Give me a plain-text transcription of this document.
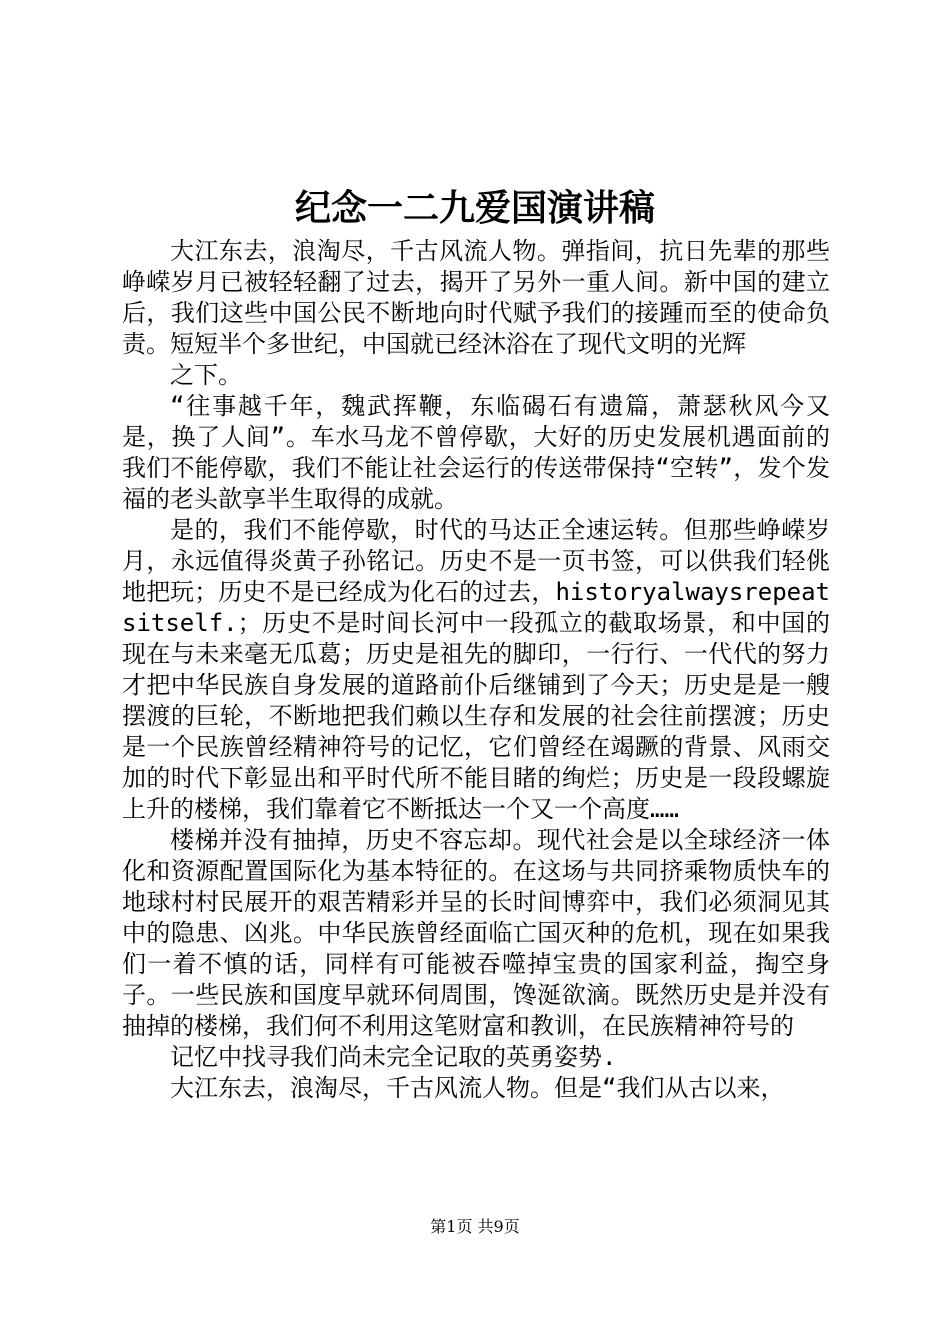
纪念一二九爱国演讲稿

大江东去，浪淘尽，千古风流人物。弹指间，抗日先辈的那些峥嵘岁月已被轻轻翻了过去，揭开了另外一重人间。新中国的建立后，我们这些中国公民不断地向时代赋予我们的接踵而至的使命负责。短短半个多世纪，中国就已经沐浴在了现代文明的光辉

之下。

“往事越千年，魏武挥鞭，东临碣石有遗篇，萧瑟秋风今又是，换了人间”。车水马龙不曾停歇，大好的历史发展机遇面前的我们不能停歇，我们不能让社会运行的传送带保持“空转”，发个发福的老头歆享半生取得的成就。

是的，我们不能停歇，时代的马达正全速运转。但那些峥嵘岁月，永远值得炎黄子孙铭记。历史不是一页书签，可以供我们轻佻地把玩；历史不是已经成为化石的过去，historyalwaysrepeatsitself.；历史不是时间长河中一段孤立的截取场景，和中国的现在与未来毫无瓜葛；历史是祖先的脚印，一行行、一代代的努力才把中华民族自身发展的道路前仆后继铺到了今天；历史是是一艘摆渡的巨轮，不断地把我们赖以生存和发展的社会往前摆渡；历史是一个民族曾经精神符号的记忆，它们曾经在竭蹶的背景、风雨交加的时代下彰显出和平时代所不能目睹的绚烂；历史是一段段螺旋上升的楼梯，我们靠着它不断抵达一个又一个高度……

楼梯并没有抽掉，历史不容忘却。现代社会是以全球经济一体化和资源配置国际化为基本特征的。在这场与共同挤乘物质快车的地球村村民展开的艰苦精彩并呈的长时间博弈中，我们必须洞见其中的隐患、凶兆。中华民族曾经面临亡国灭种的危机，现在如果我们一着不慎的话，同样有可能被吞噬掉宝贵的国家利益，掏空身子。一些民族和国度早就环伺周围，馋涎欲滴。既然历史是并没有抽掉的楼梯，我们何不利用这笔财富和教训，在民族精神符号的

记忆中找寻我们尚未完全记取的英勇姿势.

大江东去，浪淘尽，千古风流人物。但是“我们从古以来，

第1页 共9页
